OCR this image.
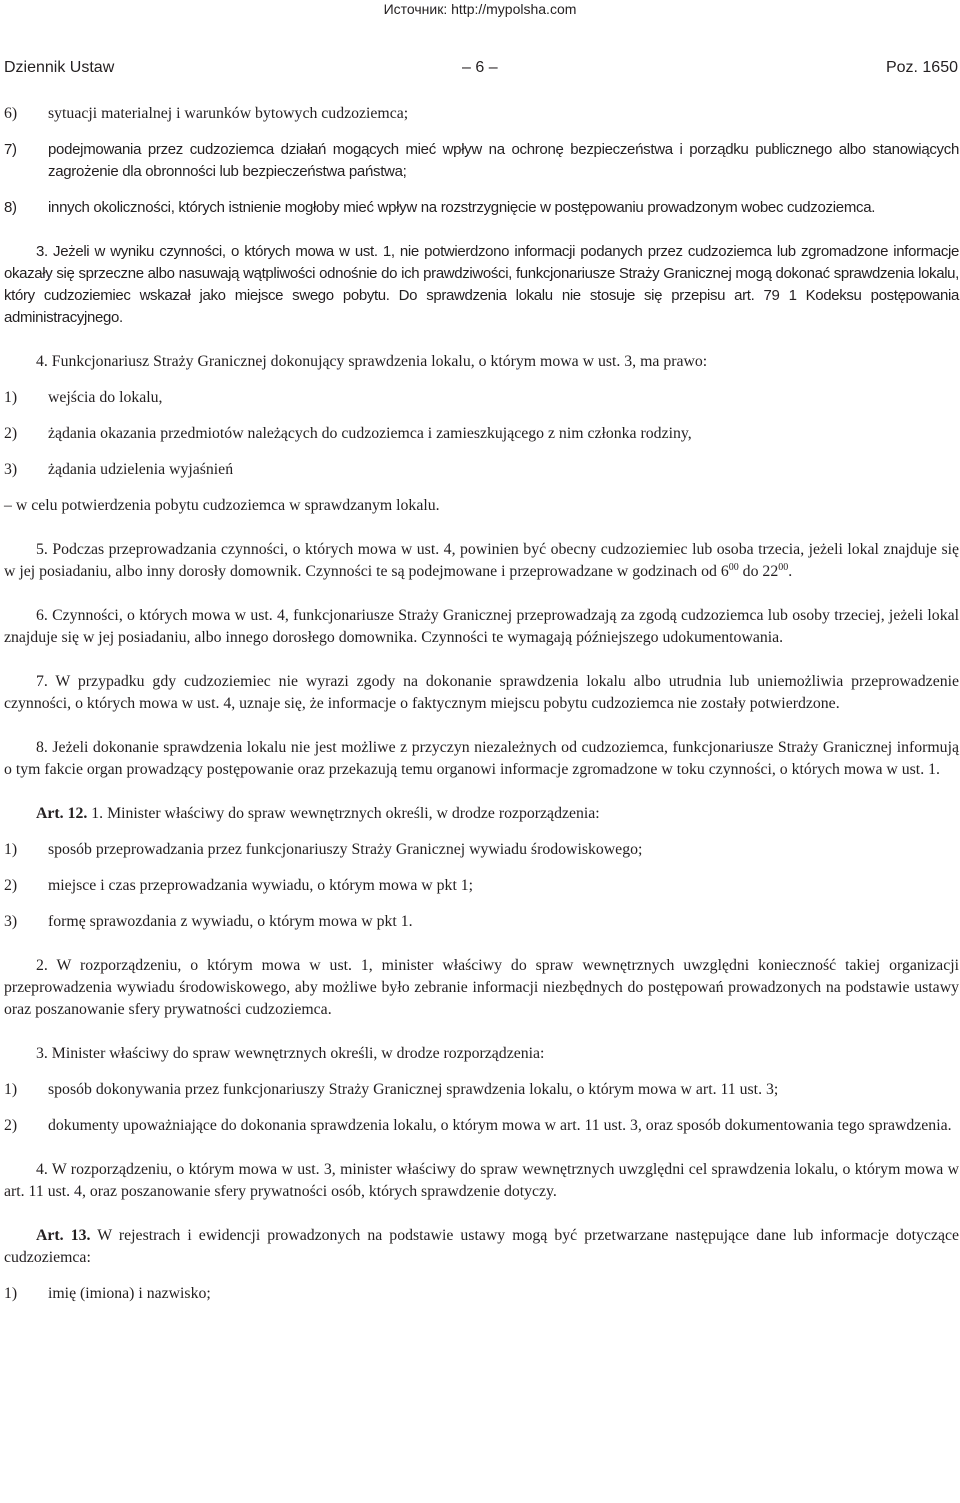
Источник: http://mypolsha.com
Dziennik Ustaw	– 6 –	Poz. 1650
6) sytuacji materialnej i warunków bytowych cudzoziemca;
7) podejmowania przez cudzoziemca działań mogących mieć wpływ na ochronę bezpieczeństwa i porządku publicznego albo stanowiących zagrożenie dla obronności lub bezpieczeństwa państwa;
8) innych okoliczności, których istnienie mogłoby mieć wpływ na rozstrzygnięcie w postępowaniu prowadzonym wobec cudzoziemca.

3. Jeżeli w wyniku czynności, o których mowa w ust. 1, nie potwierdzono informacji podanych przez cudzoziemca lub zgromadzone informacje okazały się sprzeczne albo nasuwają wątpliwości odnośnie do ich prawdziwości, funkcjonariusze Straży Granicznej mogą dokonać sprawdzenia lokalu, który cudzoziemiec wskazał jako miejsce swego pobytu. Do sprawdzenia lokalu nie stosuje się przepisu art. 79 1 Kodeksu postępowania administracyjnego.

4. Funkcjonariusz Straży Granicznej dokonujący sprawdzenia lokalu, o którym mowa w ust. 3, ma prawo:

1) wejścia do lokalu,
2) żądania okazania przedmiotów należących do cudzoziemca i zamieszkującego z nim członka rodziny,
3) żądania udzielenia wyjaśnień

– w celu potwierdzenia pobytu cudzoziemca w sprawdzanym lokalu.

5. Podczas przeprowadzania czynności, o których mowa w ust. 4, powinien być obecny cudzoziemiec lub osoba trzecia, jeżeli lokal znajduje się w jej posiadaniu, albo inny dorosły domownik. Czynności te są podejmowane i przeprowadzane w godzinach od $6^{00}$ do $22^{00}$.

6. Czynności, o których mowa w ust. 4, funkcjonariusze Straży Granicznej przeprowadzają za zgodą cudzoziemca lub osoby trzeciej, jeżeli lokal znajduje się w jej posiadaniu, albo innego dorosłego domownika. Czynności te wymagają późniejszego udokumentowania.

7. W przypadku gdy cudzoziemiec nie wyrazi zgody na dokonanie sprawdzenia lokalu albo utrudnia lub uniemożliwia przeprowadzenie czynności, o których mowa w ust. 4, uznaje się, że informacje o faktycznym miejscu pobytu cudzoziemca nie zostały potwierdzone.

8. Jeżeli dokonanie sprawdzenia lokalu nie jest możliwe z przyczyn niezależnych od cudzoziemca, funkcjonariusze Straży Granicznej informują o tym fakcie organ prowadzący postępowanie oraz przekazują temu organowi informacje zgromadzone w toku czynności, o których mowa w ust. 1.

Art. 12. 1. Minister właściwy do spraw wewnętrznych określi, w drodze rozporządzenia:

1) sposób przeprowadzania przez funkcjonariuszy Straży Granicznej wywiadu środowiskowego;
2) miejsce i czas przeprowadzania wywiadu, o którym mowa w pkt 1;
3) formę sprawozdania z wywiadu, o którym mowa w pkt 1.

2. W rozporządzeniu, o którym mowa w ust. 1, minister właściwy do spraw wewnętrznych uwzględni konieczność takiej organizacji przeprowadzenia wywiadu środowiskowego, aby możliwe było zebranie informacji niezbędnych do postępowań prowadzonych na podstawie ustawy oraz poszanowanie sfery prywatności cudzoziemca.

3. Minister właściwy do spraw wewnętrznych określi, w drodze rozporządzenia:

1) sposób dokonywania przez funkcjonariuszy Straży Granicznej sprawdzenia lokalu, o którym mowa w art. 11 ust. 3;
2) dokumenty upoważniające do dokonania sprawdzenia lokalu, o którym mowa w art. 11 ust. 3, oraz sposób dokumentowania tego sprawdzenia.

4. W rozporządzeniu, o którym mowa w ust. 3, minister właściwy do spraw wewnętrznych uwzględni cel sprawdzenia lokalu, o którym mowa w art. 11 ust. 4, oraz poszanowanie sfery prywatności osób, których sprawdzenie dotyczy.

Art. 13. W rejestrach i ewidencji prowadzonych na podstawie ustawy mogą być przetwarzane następujące dane lub informacje dotyczące cudzoziemca:

1) imię (imiona) i nazwisko;
